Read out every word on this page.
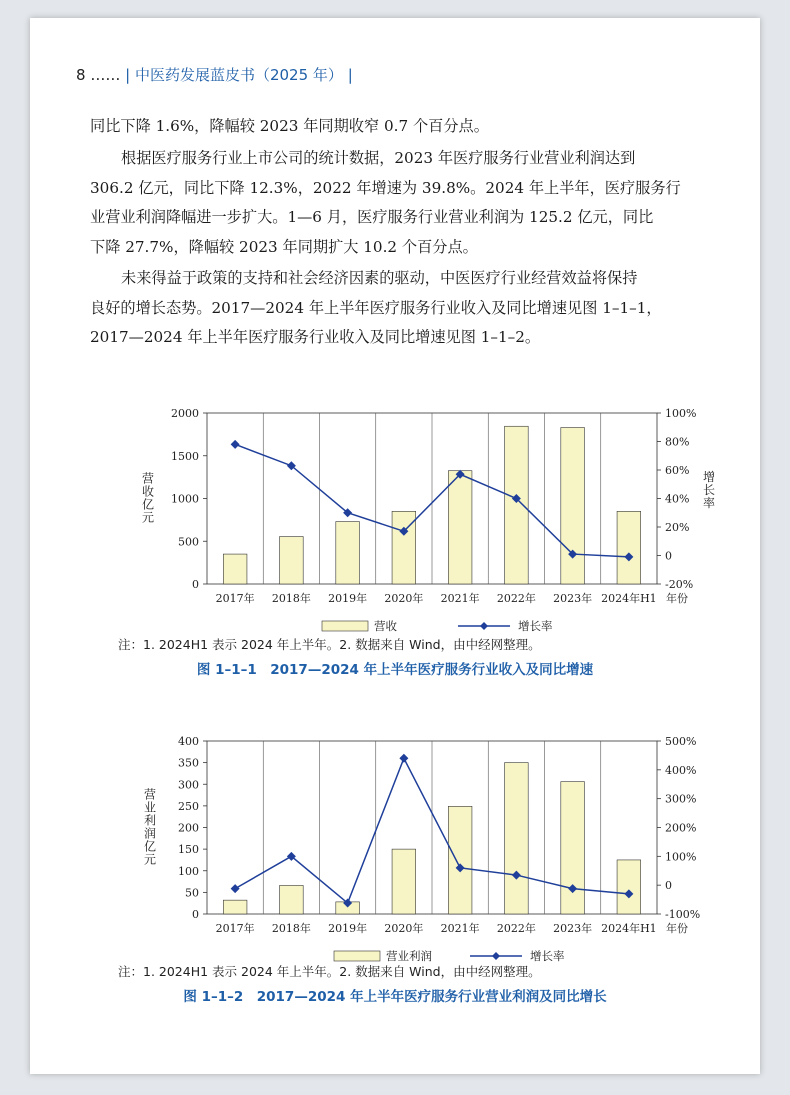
8 …… | 中医药发展蓝皮书（2025 年） |
同比下降 1.6%，降幅较 2023 年同期收窄 0.7 个百分点。
根据医疗服务行业上市公司的统计数据，2023 年医疗服务行业营业利润达到
306.2 亿元，同比下降 12.3%，2022 年增速为 39.8%。2024 年上半年，医疗服务行
业营业利润降幅进一步扩大。1—6 月，医疗服务行业营业利润为 125.2 亿元，同比
下降 27.7%，降幅较 2023 年同期扩大 10.2 个百分点。
未来得益于政策的支持和社会经济因素的驱动，中医医疗行业经营效益将保持
良好的增长态势。2017—2024 年上半年医疗服务行业收入及同比增速见图 1–1–1，
2017—2024 年上半年医疗服务行业收入及同比增速见图 1–1–2。
0
500
1000
1500
2000
-20%
0
20%
40%
60%
80%
100%
2017年 2018年 2019年 2020年 2021年 2022年 2023年 2024年H1 年份
营
收
亿
元
增
长
率
营收	增长率
注：1. 2024H1 表示 2024 年上半年。2. 数据来自 Wind，由中经网整理。
图 1–1–1　2017—2024 年上半年医疗服务行业收入及同比增速
0
50
100
150
200
250
300
350
400
-100%
0
100%
200%
300%
400%
500%
2017年 2018年 2019年 2020年 2021年 2022年 2023年 2024年H1 年份
营
业
利
润
亿
元
营业利润	增长率
注：1. 2024H1 表示 2024 年上半年。2. 数据来自 Wind，由中经网整理。
图 1–1–2　2017—2024 年上半年医疗服务行业营业利润及同比增长
